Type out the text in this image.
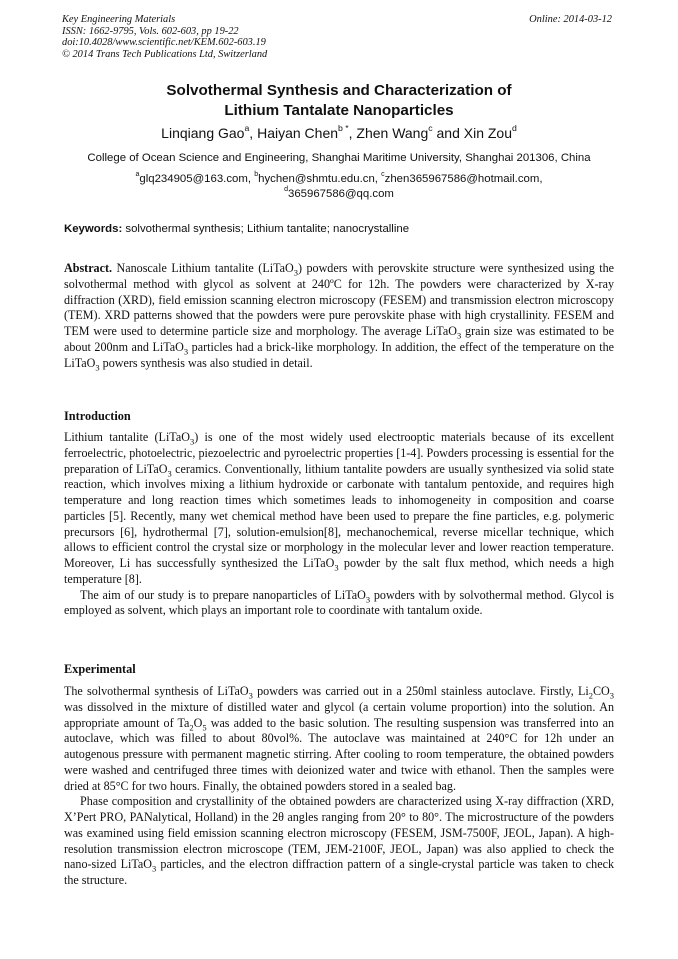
Key Engineering Materials
ISSN: 1662-9795, Vols. 602-603, pp 19-22
doi:10.4028/www.scientific.net/KEM.602-603.19
© 2014 Trans Tech Publications Ltd, Switzerland
Online: 2014-03-12
Solvothermal Synthesis and Characterization of
Lithium Tantalate Nanoparticles
Linqiang Gao$^a$, Haiyan Chen$^{b *}$, Zhen Wang$^c$ and Xin Zou$^d$
College of Ocean Science and Engineering, Shanghai Maritime University, Shanghai 201306, China
$^a$glq234905@163.com, $^b$hychen@shmtu.edu.cn, $^c$zhen365967586@hotmail.com,
$^d$365967586@qq.com
Keywords: solvothermal synthesis; Lithium tantalite; nanocrystalline

Abstract. Nanoscale Lithium tantalite (LiTaO$_3$) powders with perovskite structure were synthesized using the solvothermal method with glycol as solvent at 240ºC for 12h. The powders were characterized by X-ray diffraction (XRD), field emission scanning electron microscopy (FESEM) and transmission electron microscopy (TEM). XRD patterns showed that the powders were pure perovskite phase with high crystallinity. FESEM and TEM were used to determine particle size and morphology. The average LiTaO$_3$ grain size was estimated to be about 200nm and LiTaO$_3$ particles had a brick-like morphology. In addition, the effect of the temperature on the LiTaO$_3$ powers synthesis was also studied in detail.

Introduction

Lithium tantalite (LiTaO$_3$) is one of the most widely used electrooptic materials because of its excellent ferroelectric, photoelectric, piezoelectric and pyroelectric properties [1-4]. Powders processing is essential for the preparation of LiTaO$_3$ ceramics. Conventionally, lithium tantalite powders are usually synthesized via solid state reaction, which involves mixing a lithium hydroxide or carbonate with tantalum pentoxide, and requires high temperature and long reaction times which sometimes leads to inhomogeneity in composition and coarse particles [5]. Recently, many wet chemical method have been used to prepare the fine particles, e.g. polymeric precursors [6], hydrothermal [7], solution-emulsion[8], mechanochemical, reverse micellar technique, which allows to efficient control the crystal size or morphology in the molecular lever and lower reaction temperature. Moreover, Li has successfully synthesized the LiTaO$_3$ powder by the salt flux method, which needs a high temperature [8].

The aim of our study is to prepare nanoparticles of LiTaO$_3$ powders with by solvothermal method. Glycol is employed as solvent, which plays an important role to coordinate with tantalum oxide.

Experimental

The solvothermal synthesis of LiTaO$_3$ powders was carried out in a 250ml stainless autoclave. Firstly, $Li_2CO_3$ was dissolved in the mixture of distilled water and glycol (a certain volume proportion) into the solution. An appropriate amount of $Ta_2O_5$ was added to the basic solution. The resulting suspension was transferred into an autoclave, which was filled to about 80vol%. The autoclave was maintained at 240°C for 12h under an autogenous pressure with permanent magnetic stirring. After cooling to room temperature, the obtained powders were washed and centrifuged three times with deionized water and twice with ethanol. Then the samples were dried at 85°C for two hours. Finally, the obtained powders stored in a sealed bag.

Phase composition and crystallinity of the obtained powders are characterized using X-ray diffraction (XRD, X’Pert PRO, PANalytical, Holland) in the 2θ angles ranging from 20° to 80°. The microstructure of the powders was examined using field emission scanning electron microscopy (FESEM, JSM-7500F, JEOL, Japan). A high-resolution transmission electron microscope (TEM, JEM-2100F, JEOL, Japan) was also applied to check the nano-sized LiTaO$_3$ particles, and the electron diffraction pattern of a single-crystal particle was taken to check the structure.
